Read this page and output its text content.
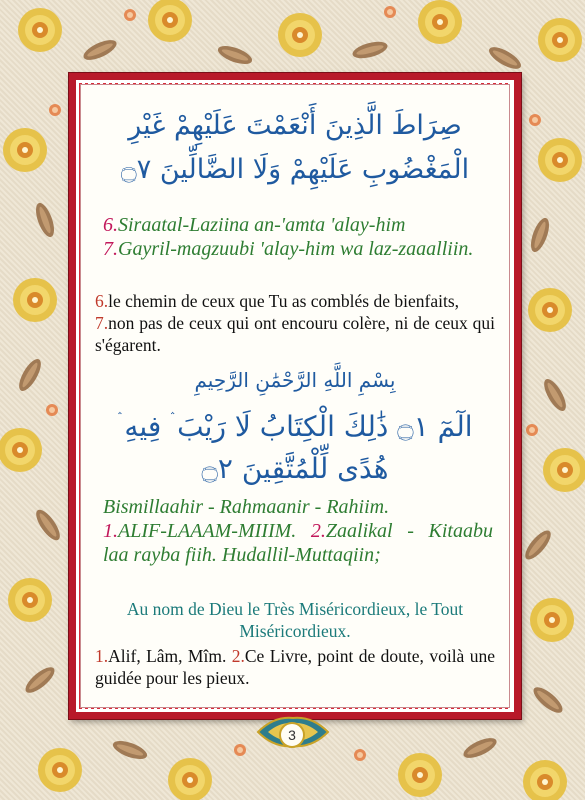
صِرَاطَ الَّذِينَ أَنْعَمْتَ عَلَيْهِمْ غَيْرِ

الْمَغْضُوبِ عَلَيْهِمْ وَلَا الضَّالِّينَ ۝٧

6.Siraatal-Laziina an-'amta 'alay-him
7.Gayril-magzuubi 'alay-him wa laz-zaaalliin.
6.le chemin de ceux que Tu as comblés de bienfaits,
7.non pas de ceux qui ont encouru colère, ni de ceux qui s'égarent.

بِسْمِ اللَّهِ الرَّحْمَٰنِ الرَّحِيمِ

الٓمٓ ۝١ ذَٰلِكَ الْكِتَابُ لَا رَيْبَ ۛ فِيهِ ۛ

هُدًى لِّلْمُتَّقِينَ ۝٢

Bismillaahir - Rahmaanir - Rahiim.
1.ALIF-LAAAM-MIIIM. 2.Zaalikal - Kitaabu laa rayba fiih. Hudallil-Muttaqiin;
Au nom de Dieu le Très Miséricordieux, le Tout Miséricordieux.
1.Alif, Lâm, Mîm. 2.Ce Livre, point de doute, voilà une guidée pour les pieux.
3
